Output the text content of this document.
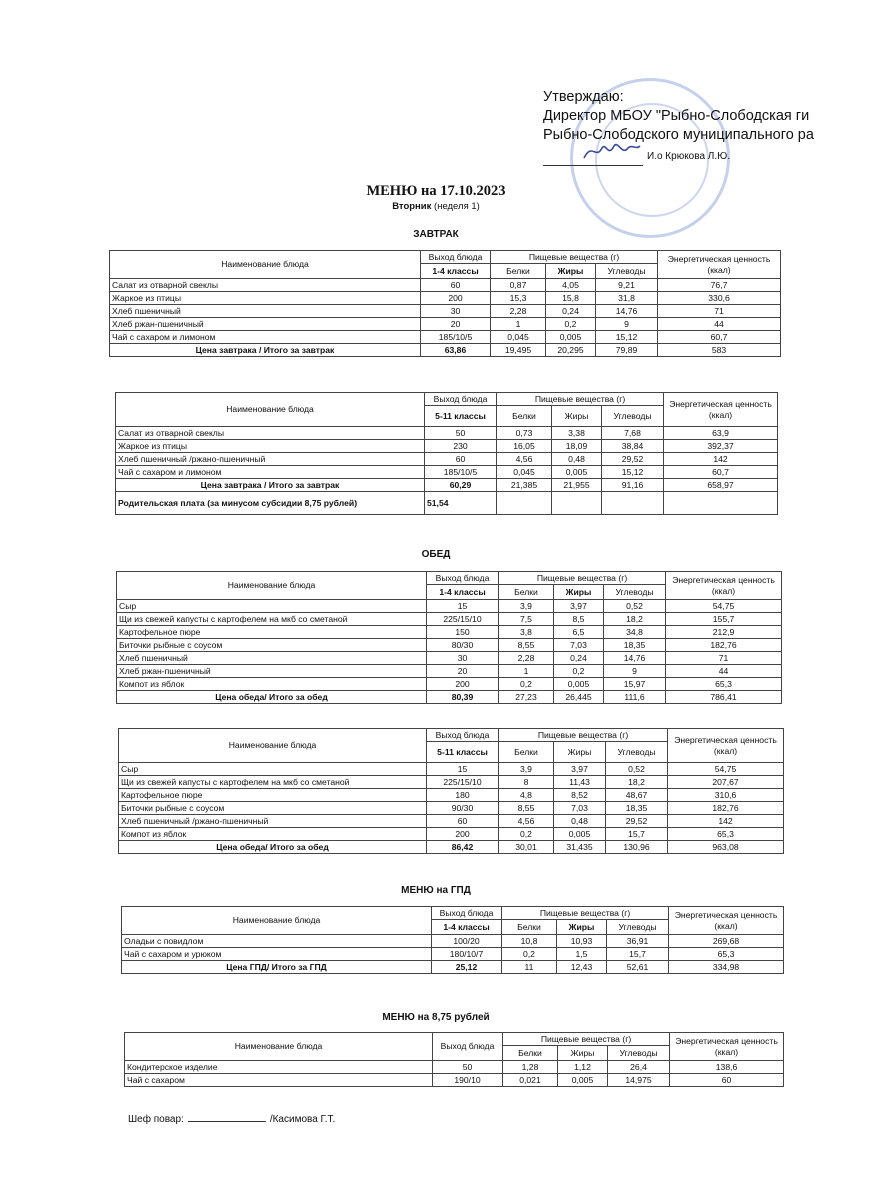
Утверждаю:
Директор МБОУ "Рыбно-Слободская ги
Рыбно-Слободского муниципального ра
И.о Крюкова Л.Ю.
МЕНЮ на 17.10.2023
Вторник (неделя 1)
ЗАВТРАК
ОБЕД
МЕНЮ на ГПД
МЕНЮ на 8,75 рублей
Наименование блюда	Выход блюда	Пищевые вещества (г)			Энергетическая ценность (ккал)
	1-4 классы	Белки	Жиры	Углеводы	
Салат из отварной свеклы	60	0,87	4,05	9,21	76,7
Жаркое из птицы	200	15,3	15,8	31,8	330,6
Хлеб пшеничный	30	2,28	0,24	14,76	71
Хлеб ржан-пшеничный	20	1	0,2	9	44
Чай с сахаром и лимоном	185/10/5	0,045	0,005	15,12	60,7
Цена завтрака / Итого за завтрак	63,86	19,495	20,295	79,89	583
Наименование блюда	Выход блюда	Пищевые вещества (г)			Энергетическая ценность (ккал)
	5-11 классы	Белки	Жиры	Углеводы	
Салат из отварной свеклы	50	0,73	3,38	7,68	63,9
Жаркое из птицы	230	16,05	18,09	38,84	392,37
Хлеб пшеничный /ржано-пшеничный	60	4,56	0,48	29,52	142
Чай с сахаром и лимоном	185/10/5	0,045	0,005	15,12	60,7
Цена завтрака / Итого за завтрак	60,29	21,385	21,955	91,16	658,97
Родительская плата (за минусом субсидии 8,75 рублей)	51,54				
Наименование блюда	Выход блюда	Пищевые вещества (г)			Энергетическая ценность (ккал)
	1-4 классы	Белки	Жиры	Углеводы	
Сыр	15	3,9	3,97	0,52	54,75
Щи из свежей капусты с картофелем на мкб со сметаной	225/15/10	7,5	8,5	18,2	155,7
Картофельное пюре	150	3,8	6,5	34,8	212,9
Биточки рыбные с соусом	80/30	8,55	7,03	18,35	182,76
Хлеб пшеничный	30	2,28	0,24	14,76	71
Хлеб ржан-пшеничный	20	1	0,2	9	44
Компот из яблок	200	0,2	0,005	15,97	65,3
Цена обеда/ Итого за обед	80,39	27,23	26,445	111,6	786,41
Наименование блюда	Выход блюда	Пищевые вещества (г)			Энергетическая ценность (ккал)
	5-11 классы	Белки	Жиры	Углеводы	
Сыр	15	3,9	3,97	0,52	54,75
Щи из свежей капусты с картофелем на мкб со сметаной	225/15/10	8	11,43	18,2	207,67
Картофельное пюре	180	4,8	8,52	48,67	310,6
Биточки рыбные с соусом	90/30	8,55	7,03	18,35	182,76
Хлеб пшеничный /ржано-пшеничный	60	4,56	0,48	29,52	142
Компот из яблок	200	0,2	0,005	15,7	65,3
Цена обеда/ Итого за обед	86,42	30,01	31,435	130,96	963,08
Наименование блюда	Выход блюда	Пищевые вещества (г)			Энергетическая ценность (ккал)
	1-4 классы	Белки	Жиры	Углеводы	
Оладьи с повидлом	100/20	10,8	10,93	36,91	269,68
Чай с сахаром и урюком	180/10/7	0,2	1,5	15,7	65,3
Цена ГПД/ Итого за ГПД	25,12	11	12,43	52,61	334,98
Наименование блюда	Выход блюда	Пищевые вещества (г)			Энергетическая ценность (ккал)
		Белки	Жиры	Углеводы	
Кондитерское изделие	50	1,28	1,12	26,4	138,6
Чай с сахаром	190/10	0,021	0,005	14,975	60
Шеф повар:	/Касимова Г.Т.
